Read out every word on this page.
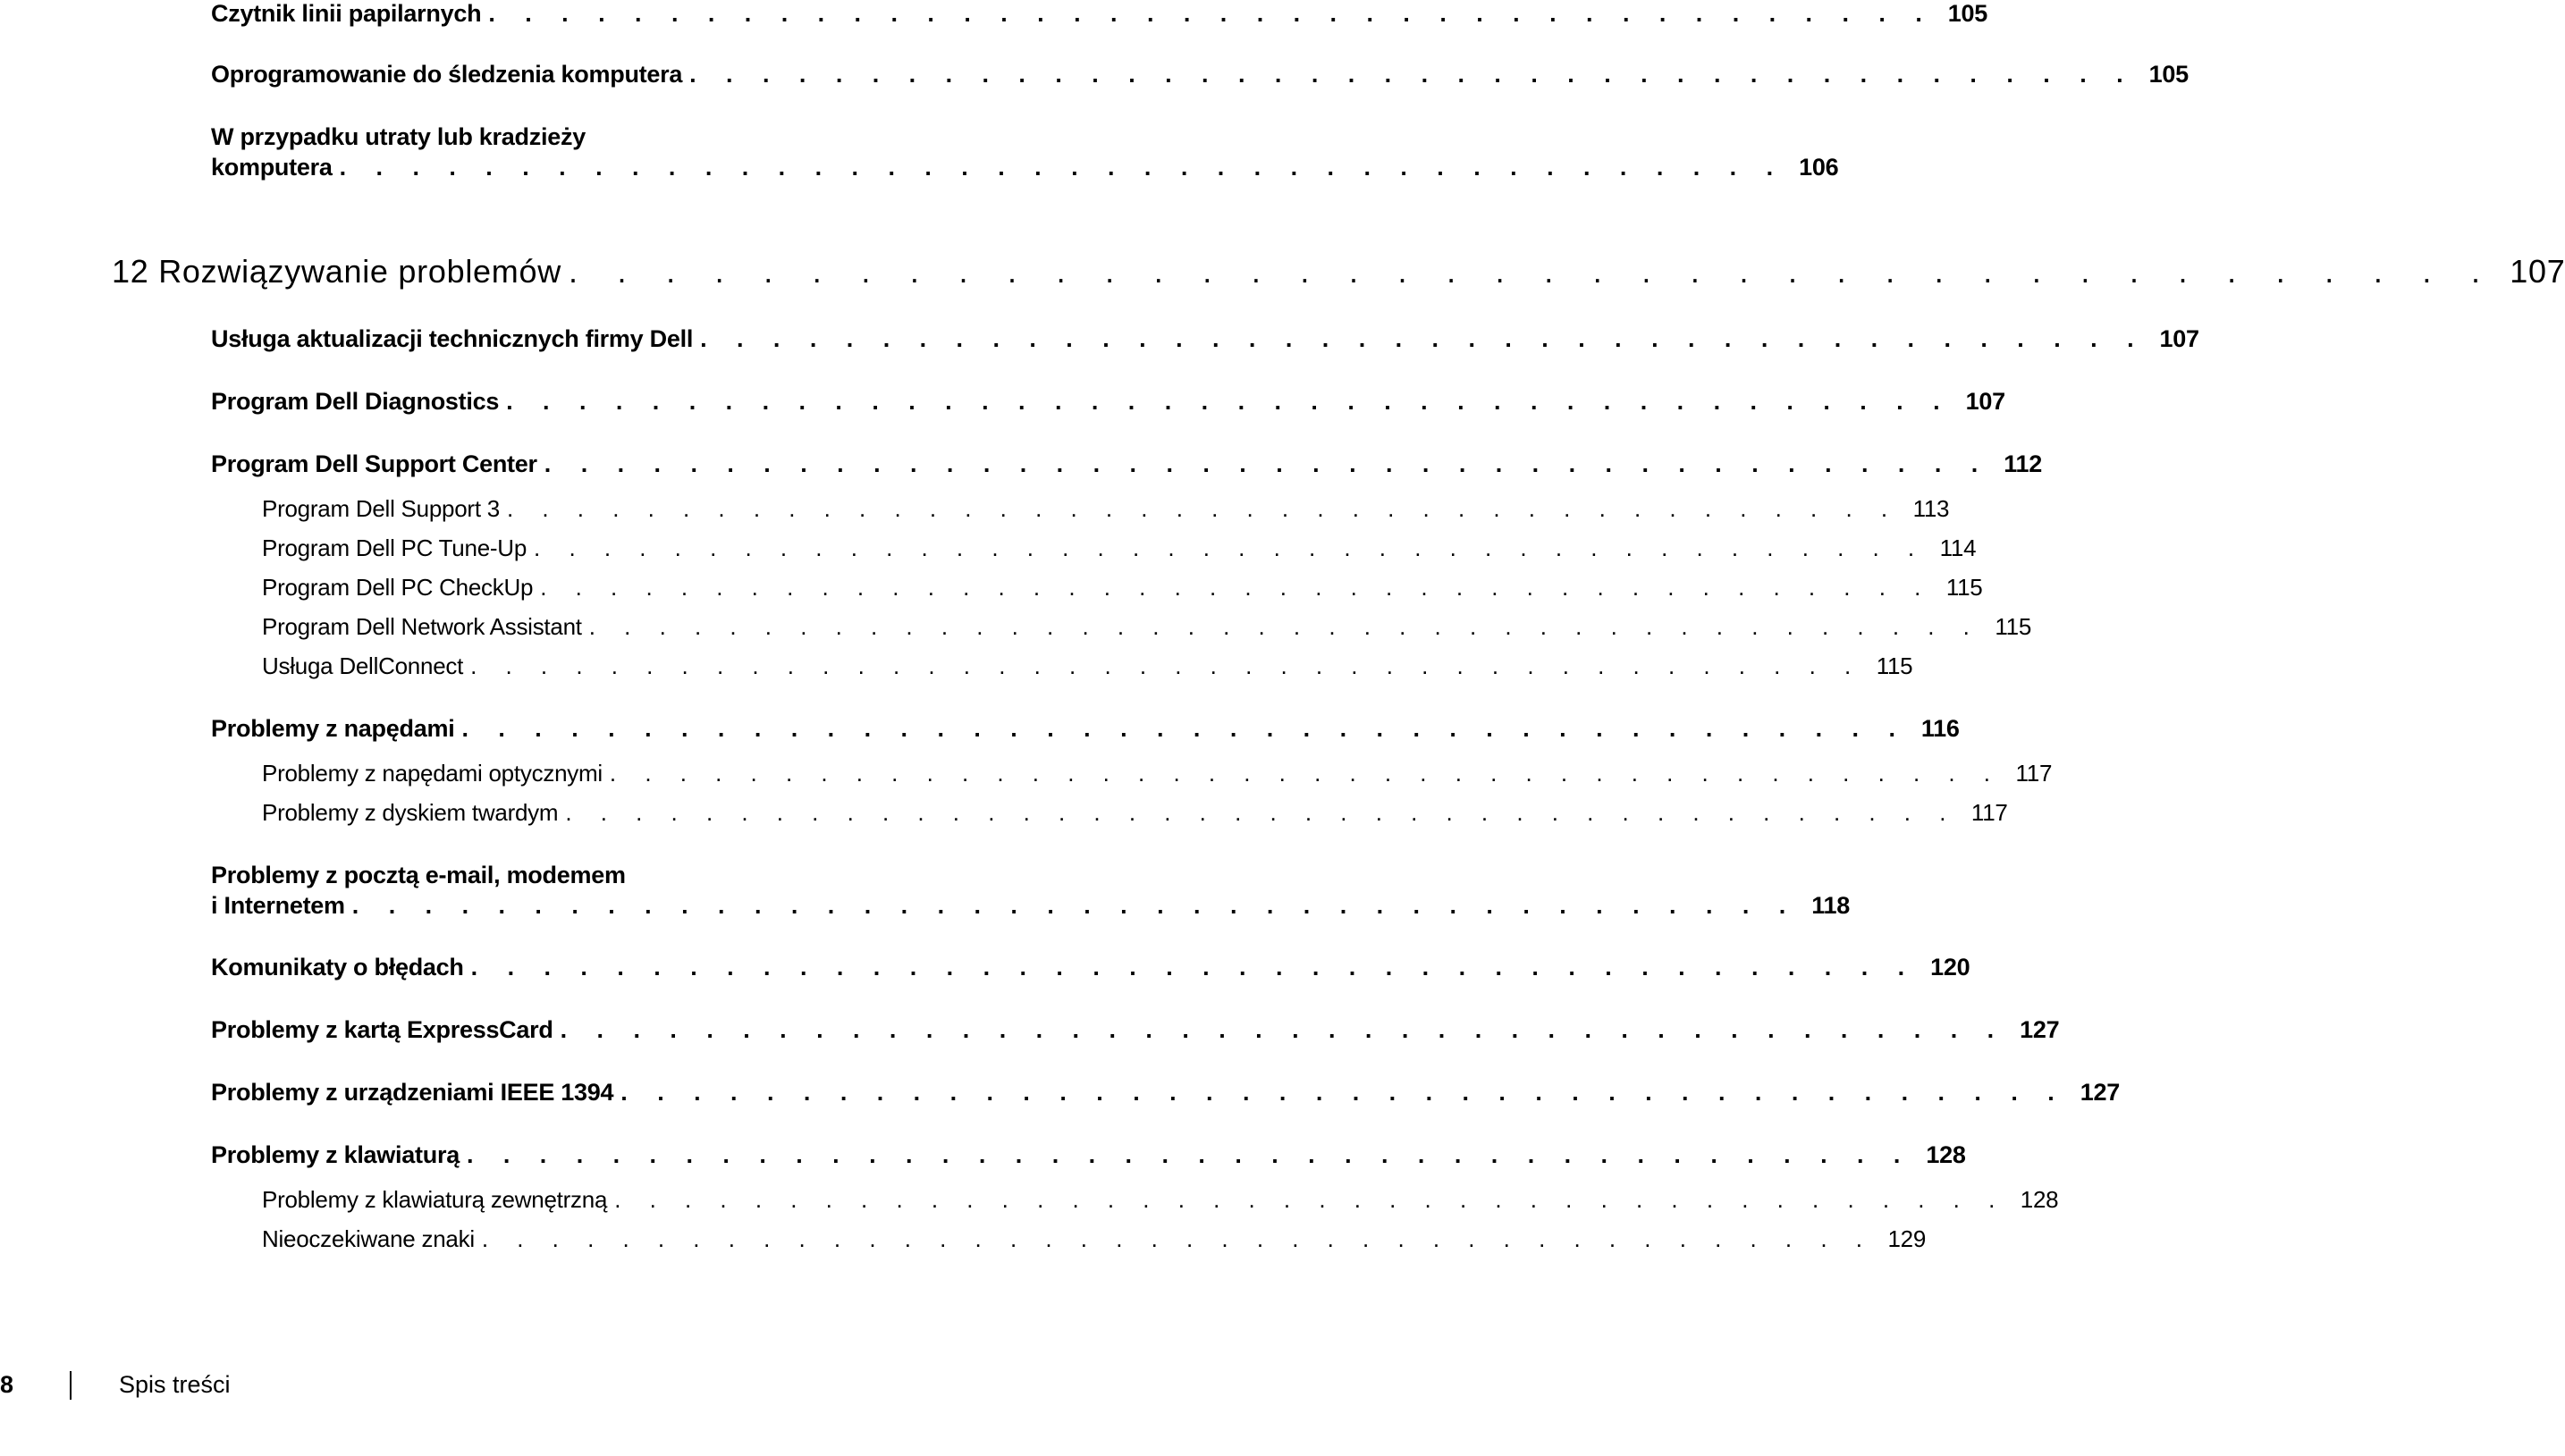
Czytnik linii papilarnych . . . . . . . . . . . . . . . . . . . . . . . . . . . . . . . . . . . . . . . . 105
Oprogramowanie do śledzenia komputera . . . . . . . . . . . . . . . . . . . . . . . . . . . . . . . . . . . . . . . . 105
W przypadku utraty lub kradzieży
komputera . . . . . . . . . . . . . . . . . . . . . . . . . . . . . . . . . . . . . . . . 106
12 Rozwiązywanie problemów . . . . . . . . . . . . . . . . . . . . . . . . . . . . . . . . . . . . . . . . 107
Usługa aktualizacji technicznych firmy Dell . . . . . . . . . . . . . . . . . . . . . . . . . . . . . . . . . . . . . . . . 107
Program Dell Diagnostics . . . . . . . . . . . . . . . . . . . . . . . . . . . . . . . . . . . . . . . . 107
Program Dell Support Center . . . . . . . . . . . . . . . . . . . . . . . . . . . . . . . . . . . . . . . . 112
Program Dell Support 3 . . . . . . . . . . . . . . . . . . . . . . . . . . . . . . . . . . . . . . . . 113
Program Dell PC Tune-Up . . . . . . . . . . . . . . . . . . . . . . . . . . . . . . . . . . . . . . . . 114
Program Dell PC CheckUp . . . . . . . . . . . . . . . . . . . . . . . . . . . . . . . . . . . . . . . . 115
Program Dell Network Assistant . . . . . . . . . . . . . . . . . . . . . . . . . . . . . . . . . . . . . . . . 115
Usługa DellConnect . . . . . . . . . . . . . . . . . . . . . . . . . . . . . . . . . . . . . . . . 115
Problemy z napędami . . . . . . . . . . . . . . . . . . . . . . . . . . . . . . . . . . . . . . . . 116
Problemy z napędami optycznymi . . . . . . . . . . . . . . . . . . . . . . . . . . . . . . . . . . . . . . . . 117
Problemy z dyskiem twardym . . . . . . . . . . . . . . . . . . . . . . . . . . . . . . . . . . . . . . . . 117
Problemy z pocztą e-mail, modemem
i Internetem . . . . . . . . . . . . . . . . . . . . . . . . . . . . . . . . . . . . . . . . 118
Komunikaty o błędach . . . . . . . . . . . . . . . . . . . . . . . . . . . . . . . . . . . . . . . . 120
Problemy z kartą ExpressCard . . . . . . . . . . . . . . . . . . . . . . . . . . . . . . . . . . . . . . . . 127
Problemy z urządzeniami IEEE 1394 . . . . . . . . . . . . . . . . . . . . . . . . . . . . . . . . . . . . . . . . 127
Problemy z klawiaturą . . . . . . . . . . . . . . . . . . . . . . . . . . . . . . . . . . . . . . . . 128
Problemy z klawiaturą zewnętrzną . . . . . . . . . . . . . . . . . . . . . . . . . . . . . . . . . . . . . . . . 128
Nieoczekiwane znaki . . . . . . . . . . . . . . . . . . . . . . . . . . . . . . . . . . . . . . . . 129
8	Spis treści
